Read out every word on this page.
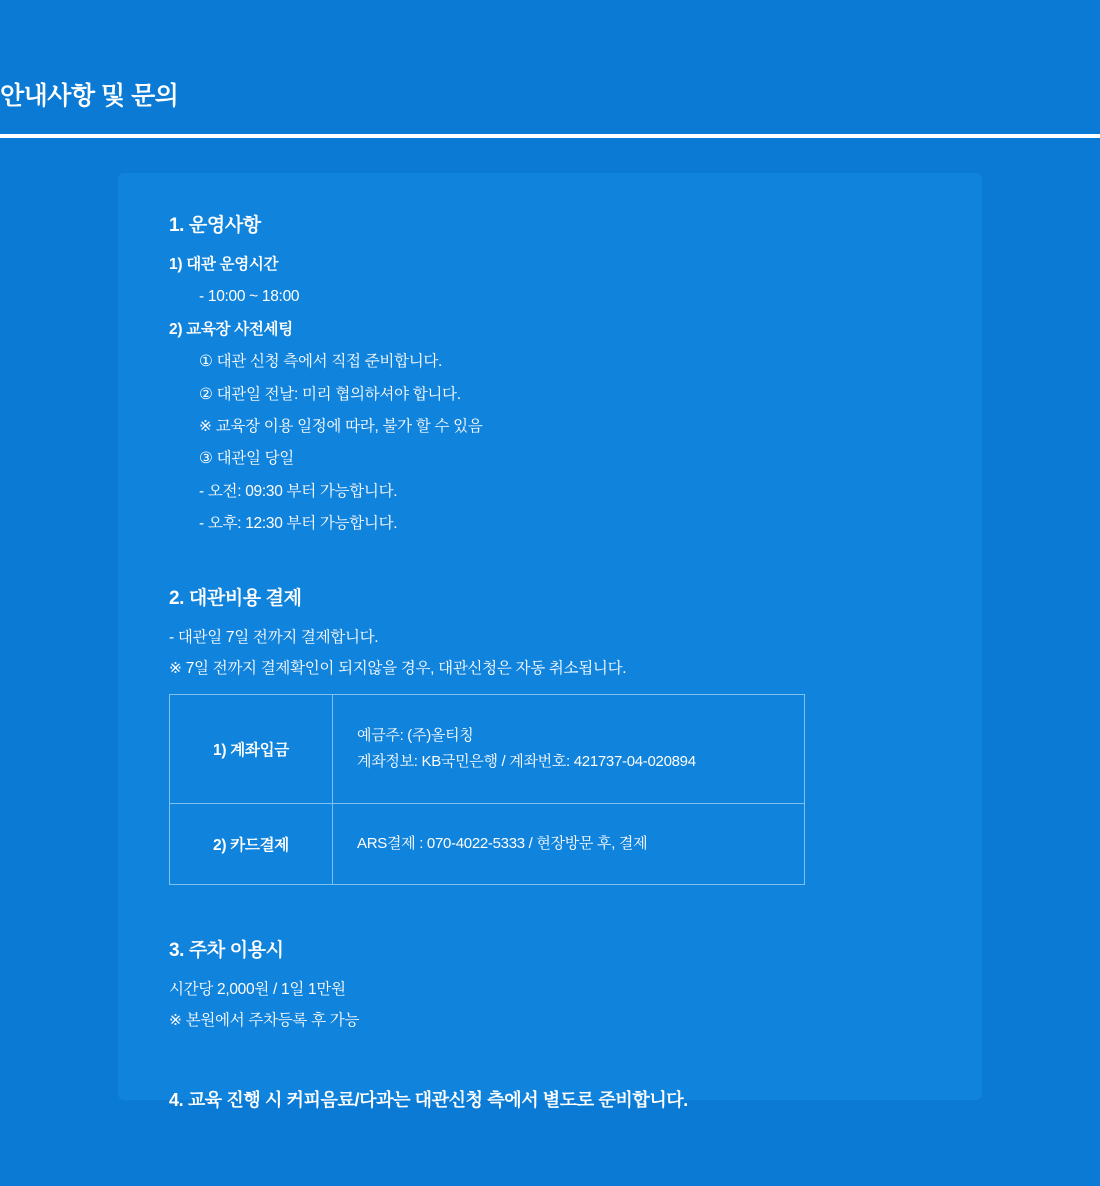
안내사항 및 문의
1. 운영사항
1) 대관 운영시간
- 10:00 ~ 18:00
2) 교육장 사전세팅
① 대관 신청 측에서 직접 준비합니다.
② 대관일 전날: 미리 협의하셔야 합니다.
※ 교육장 이용 일정에 따라, 불가 할 수 있음
③ 대관일 당일
- 오전: 09:30 부터 가능합니다.
- 오후: 12:30 부터 가능합니다.
2. 대관비용 결제
- 대관일 7일 전까지 결제합니다.
※ 7일 전까지 결제확인이 되지않을 경우, 대관신청은 자동 취소됩니다.
1) 계좌입금	예금주: (주)올티칭
계좌정보: KB국민은행 / 계좌번호: 421737-04-020894

2) 카드결제	ARS결제 : 070-4022-5333 / 현장방문 후, 결제
3. 주차 이용시
시간당 2,000원 / 1일 1만원
※ 본원에서 주차등록 후 가능
4. 교육 진행 시 커피음료/다과는 대관신청 측에서 별도로 준비합니다.
